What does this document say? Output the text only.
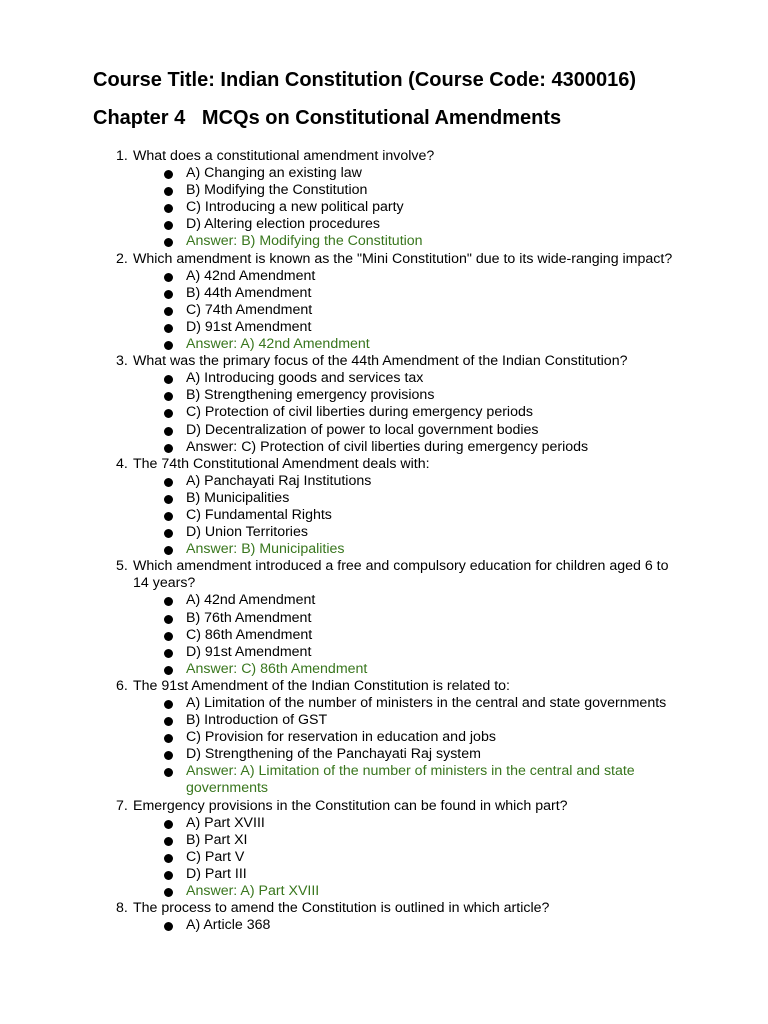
Course Title: Indian Constitution (Course Code: 4300016)
Chapter 4   MCQs on Constitutional Amendments
1. What does a constitutional amendment involve?
A) Changing an existing law
B) Modifying the Constitution
C) Introducing a new political party
D) Altering election procedures
Answer: B) Modifying the Constitution
2. Which amendment is known as the "Mini Constitution" due to its wide-ranging impact?
A) 42nd Amendment
B) 44th Amendment
C) 74th Amendment
D) 91st Amendment
Answer: A) 42nd Amendment
3. What was the primary focus of the 44th Amendment of the Indian Constitution?
A) Introducing goods and services tax
B) Strengthening emergency provisions
C) Protection of civil liberties during emergency periods
D) Decentralization of power to local government bodies
Answer: C) Protection of civil liberties during emergency periods
4. The 74th Constitutional Amendment deals with:
A) Panchayati Raj Institutions
B) Municipalities
C) Fundamental Rights
D) Union Territories
Answer: B) Municipalities
5. Which amendment introduced a free and compulsory education for children aged 6 to 14 years?
A) 42nd Amendment
B) 76th Amendment
C) 86th Amendment
D) 91st Amendment
Answer: C) 86th Amendment
6. The 91st Amendment of the Indian Constitution is related to:
A) Limitation of the number of ministers in the central and state governments
B) Introduction of GST
C) Provision for reservation in education and jobs
D) Strengthening of the Panchayati Raj system
Answer: A) Limitation of the number of ministers in the central and state governments
7. Emergency provisions in the Constitution can be found in which part?
A) Part XVIII
B) Part XI
C) Part V
D) Part III
Answer: A) Part XVIII
8. The process to amend the Constitution is outlined in which article?
A) Article 368
